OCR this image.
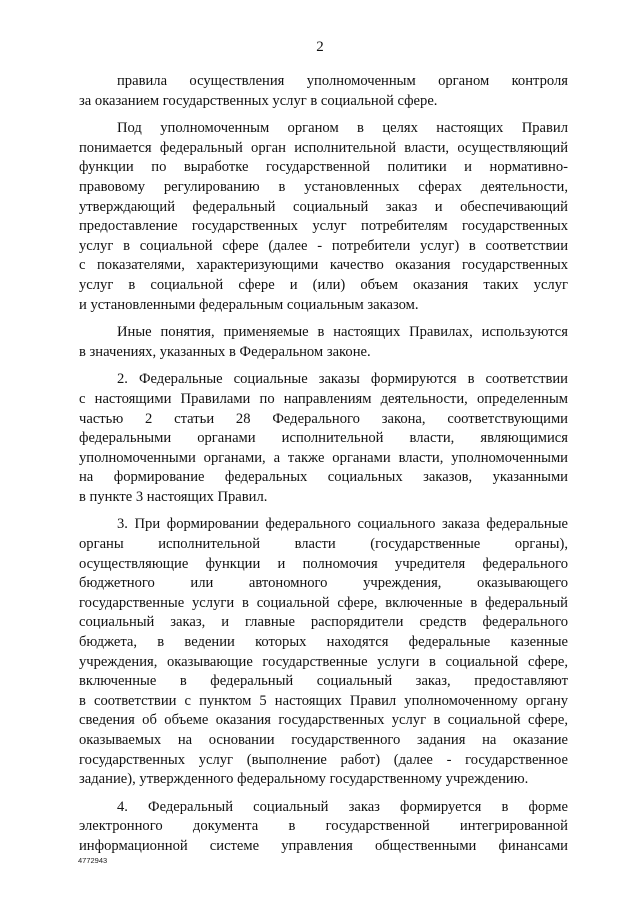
2
правила осуществления уполномоченным органом контроля
за оказанием государственных услуг в социальной сфере.
Под уполномоченным органом в целях настоящих Правил
понимается федеральный орган исполнительной власти, осуществляющий
функции по выработке государственной политики и нормативно-
правовому регулированию в установленных сферах деятельности,
утверждающий федеральный социальный заказ и обеспечивающий
предоставление государственных услуг потребителям государственных
услуг в социальной сфере (далее - потребители услуг) в соответствии
с показателями, характеризующими качество оказания государственных
услуг в социальной сфере и (или) объем оказания таких услуг
и установленными федеральным социальным заказом.
Иные понятия, применяемые в настоящих Правилах, используются
в значениях, указанных в Федеральном законе.
2. Федеральные социальные заказы формируются в соответствии
с настоящими Правилами по направлениям деятельности, определенным
частью 2 статьи 28 Федерального закона, соответствующими
федеральными органами исполнительной власти, являющимися
уполномоченными органами, а также органами власти, уполномоченными
на формирование федеральных социальных заказов, указанными
в пункте 3 настоящих Правил.
3. При формировании федерального социального заказа федеральные
органы исполнительной власти (государственные органы),
осуществляющие функции и полномочия учредителя федерального
бюджетного или автономного учреждения, оказывающего
государственные услуги в социальной сфере, включенные в федеральный
социальный заказ, и главные распорядители средств федерального
бюджета, в ведении которых находятся федеральные казенные
учреждения, оказывающие государственные услуги в социальной сфере,
включенные в федеральный социальный заказ, предоставляют
в соответствии с пунктом 5 настоящих Правил уполномоченному органу
сведения об объеме оказания государственных услуг в социальной сфере,
оказываемых на основании государственного задания на оказание
государственных услуг (выполнение работ) (далее - государственное
задание), утвержденного федеральному государственному учреждению.
4. Федеральный социальный заказ формируется в форме
электронного документа в государственной интегрированной
информационной системе управления общественными финансами
4772943
